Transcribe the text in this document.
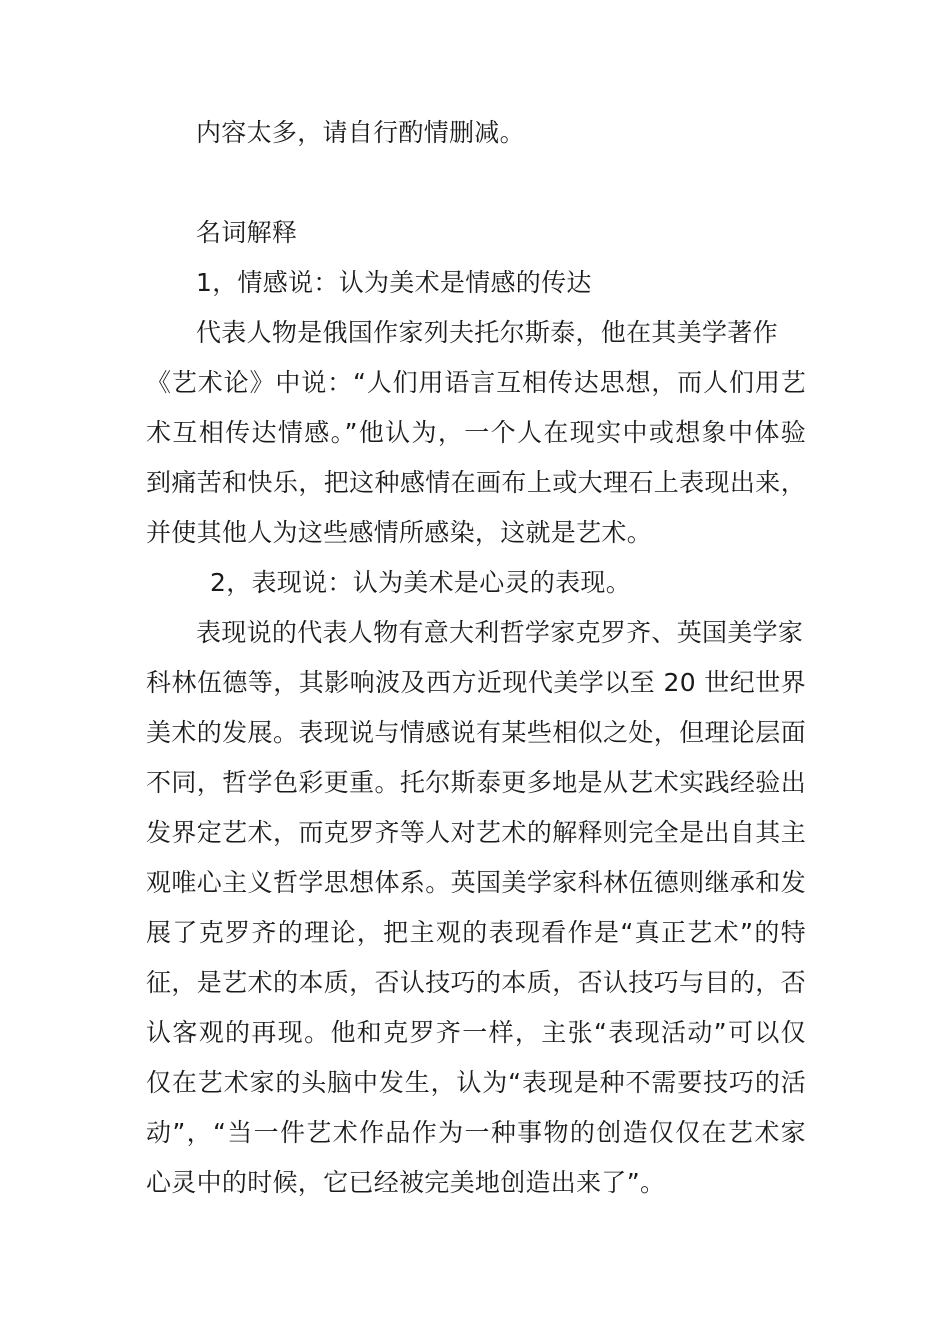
内容太多，请自行酌情删减。
名词解释
1，情感说：认为美术是情感的传达
代表人物是俄国作家列夫托尔斯泰，他在其美学著作
《艺术论》中说：“人们用语言互相传达思想，而人们用艺
术互相传达情感。”他认为，一个人在现实中或想象中体验
到痛苦和快乐，把这种感情在画布上或大理石上表现出来，
并使其他人为这些感情所感染，这就是艺术。
2，表现说：认为美术是心灵的表现。
表现说的代表人物有意大利哲学家克罗齐、英国美学家
科林伍德等，其影响波及西方近现代美学以至 20 世纪世界
美术的发展。表现说与情感说有某些相似之处，但理论层面
不同，哲学色彩更重。托尔斯泰更多地是从艺术实践经验出
发界定艺术，而克罗齐等人对艺术的解释则完全是出自其主
观唯心主义哲学思想体系。英国美学家科林伍德则继承和发
展了克罗齐的理论，把主观的表现看作是“真正艺术”的特
征，是艺术的本质，否认技巧的本质，否认技巧与目的，否
认客观的再现。他和克罗齐一样，主张“表现活动”可以仅
仅在艺术家的头脑中发生，认为“表现是种不需要技巧的活
动”，“当一件艺术作品作为一种事物的创造仅仅在艺术家
心灵中的时候，它已经被完美地创造出来了”。
